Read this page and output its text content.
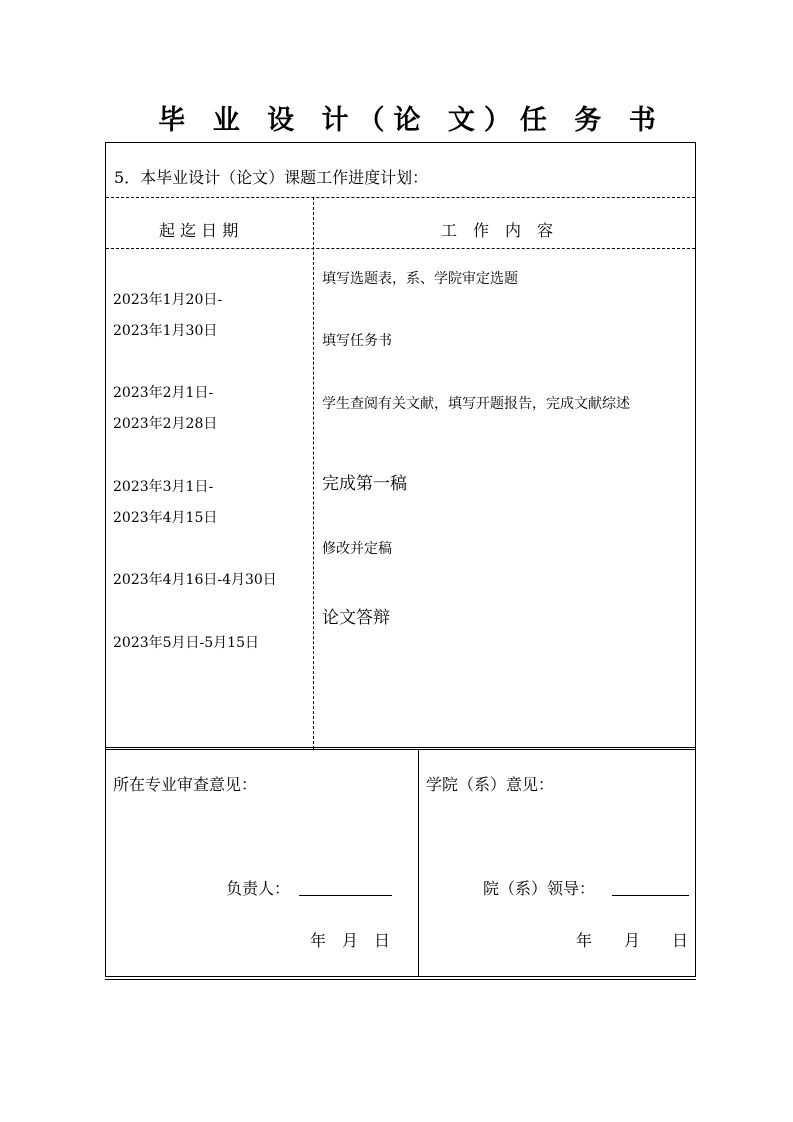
毕 业 设 计（论 文）任 务 书
5．本毕业设计（论文）课题工作进度计划：
起 迄 日 期	工　作　内　容
2023年1月20日-
2023年1月30日
2023年2月1日-
2023年2月28日
2023年3月1日-
2023年4月15日
2023年4月16日-4月30日
2023年5月日-5月15日
填写选题表，系、学院审定选题
填写任务书
学生查阅有关文献，填写开题报告，完成文献综述
完成第一稿
修改并定稿
论文答辩
所在专业审查意见：
负责人：
年　月　日
学院（系）意见：
院（系）领导：
年　　月　　日
